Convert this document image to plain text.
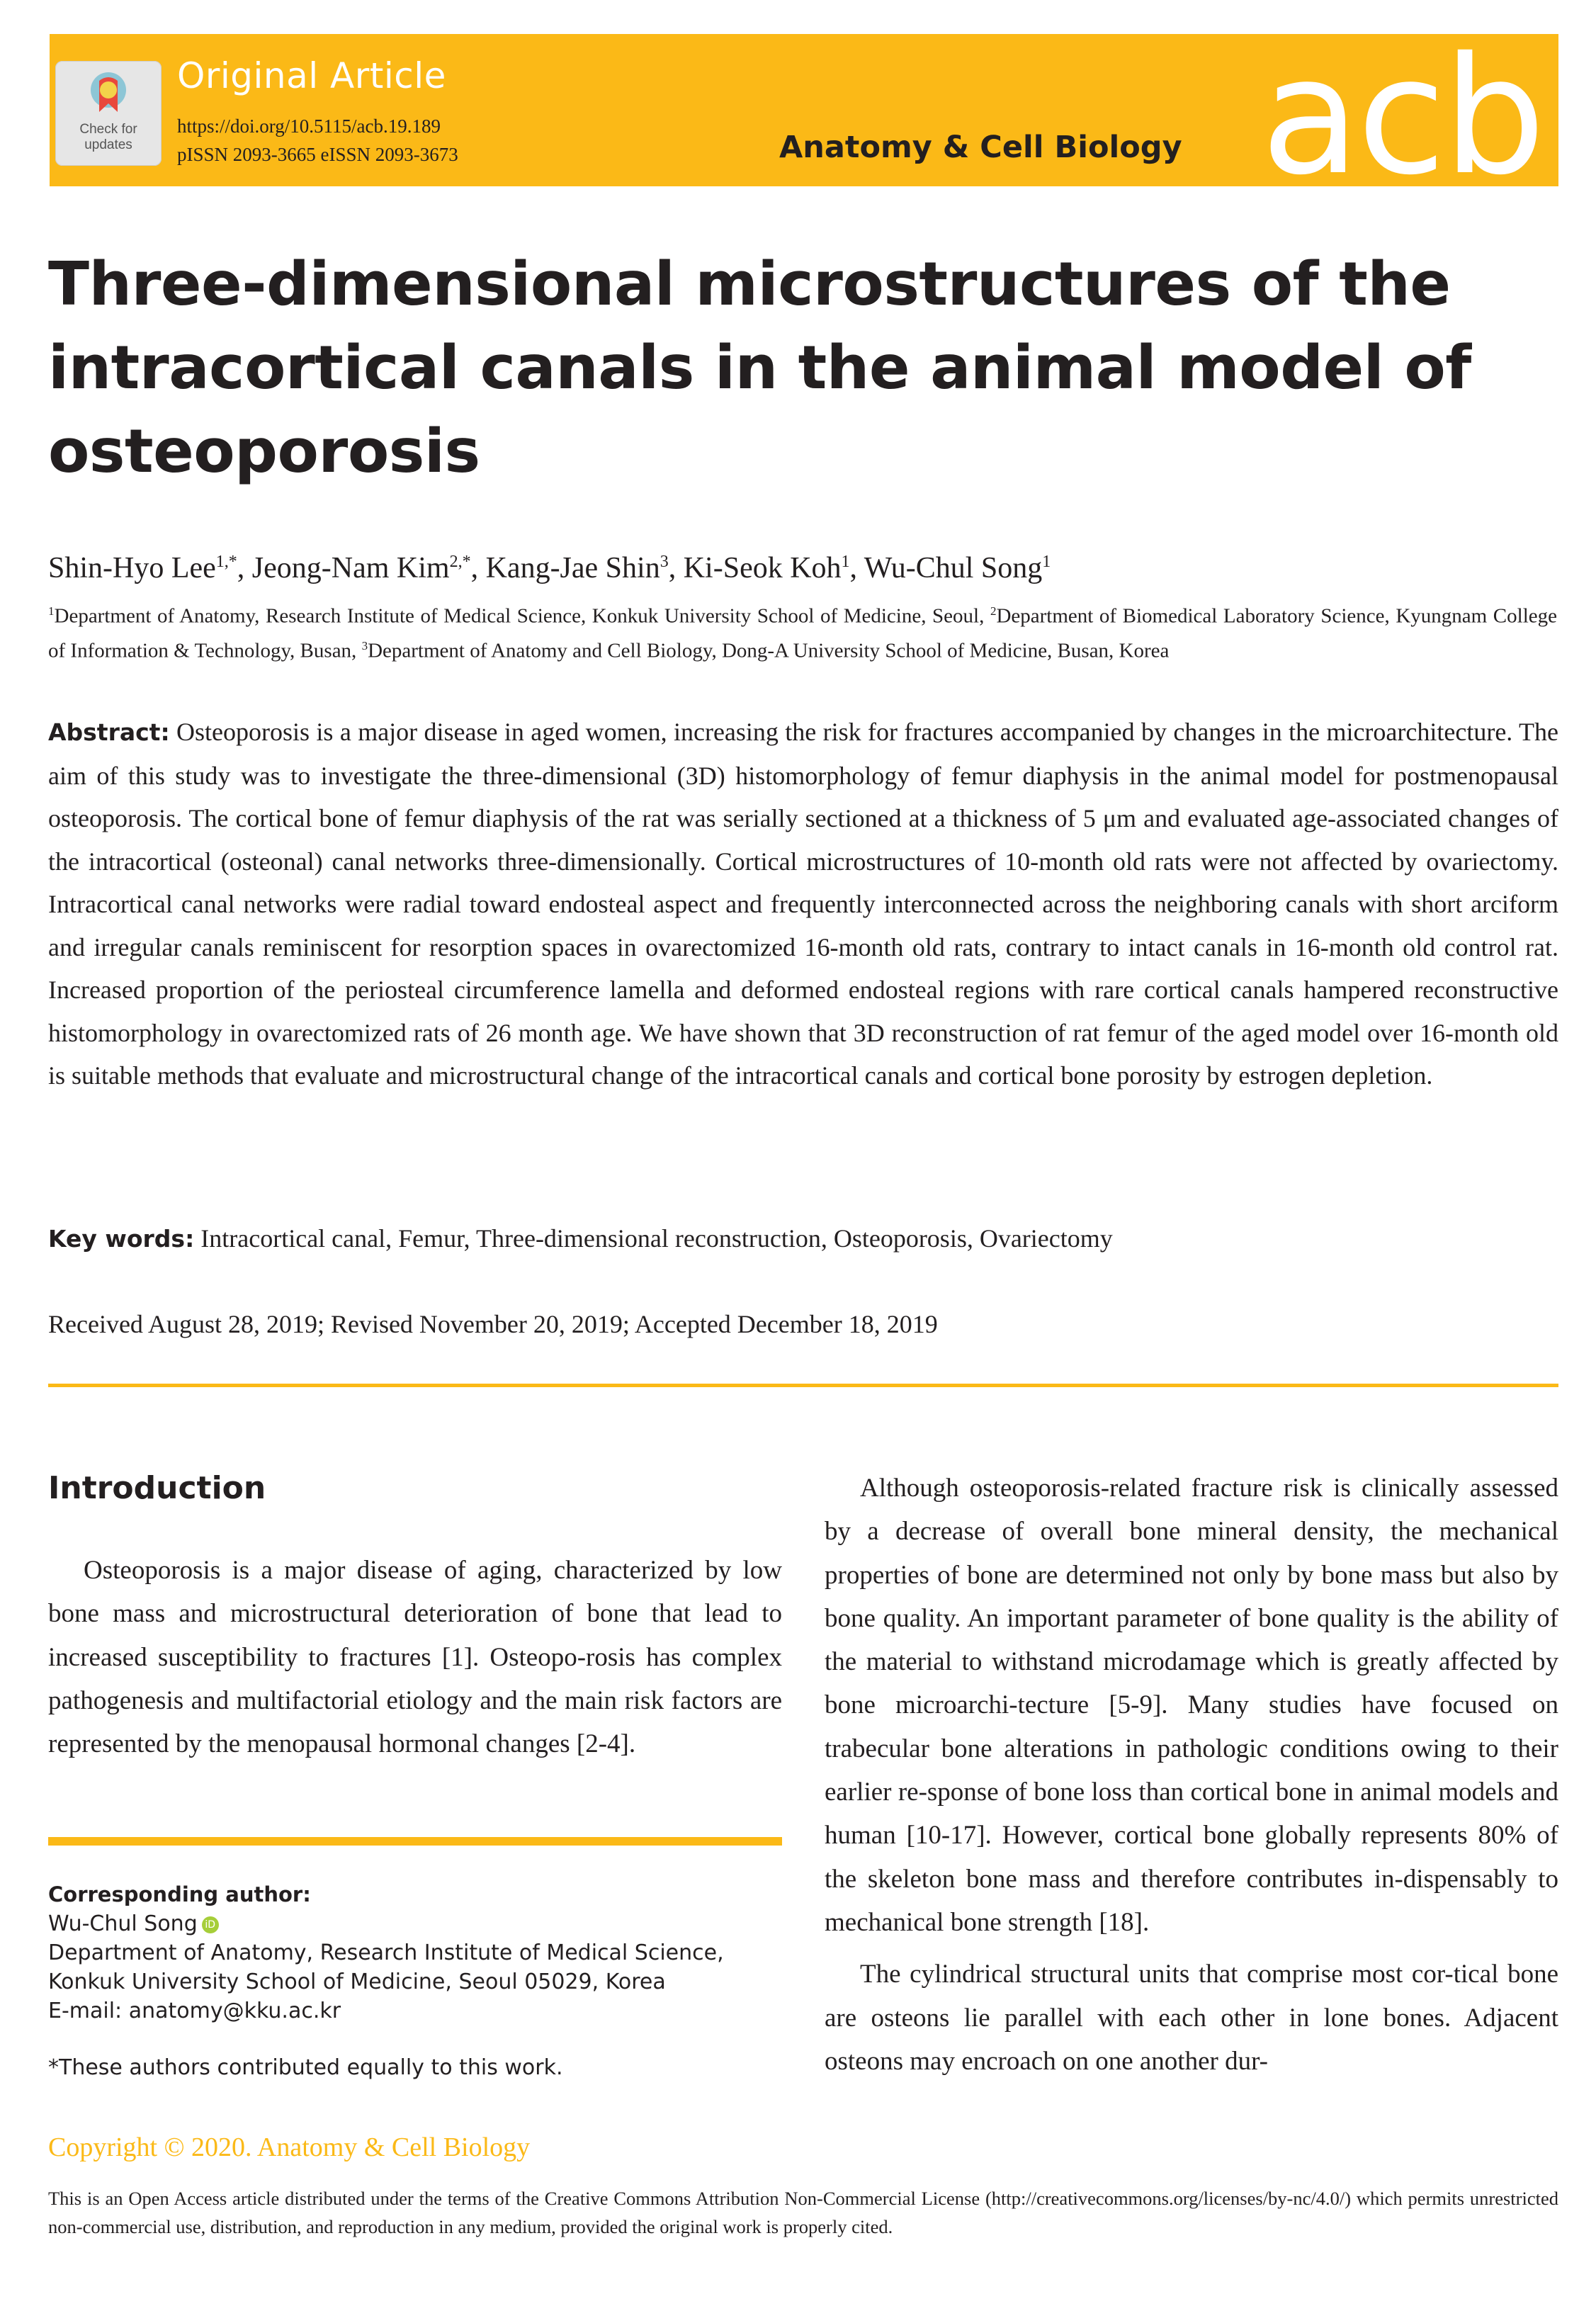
Check for
updates
Original Article
https://doi.org/10.5115/acb.19.189
pISSN 2093-3665 eISSN 2093-3673	Anatomy & Cell Biology acb
Three-dimensional microstructures of the intracortical canals in the animal model of osteoporosis
Shin-Hyo Lee$^{1,*}$, Jeong-Nam Kim$^{2,*}$, Kang-Jae Shin$^3$, Ki-Seok Koh$^1$, Wu-Chul Song$^1$
$^1$Department of Anatomy, Research Institute of Medical Science, Konkuk University School of Medicine, Seoul, $^2$Department of Biomedical Laboratory Science, Kyungnam College of Information & Technology, Busan, $^3$Department of Anatomy and Cell Biology, Dong-A University School of Medicine, Busan, Korea
Abstract: Osteoporosis is a major disease in aged women, increasing the risk for fractures accompanied by changes in the microarchitecture. The aim of this study was to investigate the three-dimensional (3D) histomorphology of femur diaphysis in the animal model for postmenopausal osteoporosis. The cortical bone of femur diaphysis of the rat was serially sectioned at a thickness of 5 μm and evaluated age-associated changes of the intracortical (osteonal) canal networks three-dimensionally. Cortical microstructures of 10-month old rats were not affected by ovariectomy. Intracortical canal networks were radial toward endosteal aspect and frequently interconnected across the neighboring canals with short arciform and irregular canals reminiscent for resorption spaces in ovarectomized 16-month old rats, contrary to intact canals in 16-month old control rat. Increased proportion of the periosteal circumference lamella and deformed endosteal regions with rare cortical canals hampered reconstructive histomorphology in ovarectomized rats of 26 month age. We have shown that 3D reconstruction of rat femur of the aged model over 16-month old is suitable methods that evaluate and microstructural change of the intracortical canals and cortical bone porosity by estrogen depletion.
Key words: Intracortical canal, Femur, Three-dimensional reconstruction, Osteoporosis, Ovariectomy
Received August 28, 2019; Revised November 20, 2019; Accepted December 18, 2019
Introduction

Osteoporosis is a major disease of aging, characterized by low bone mass and microstructural deterioration of bone that lead to increased susceptibility to fractures [1]. Osteopo-rosis has complex pathogenesis and multifactorial etiology and the main risk factors are represented by the menopausal hormonal changes [2-4].

Corresponding author:
Wu-Chul Song iD
Department of Anatomy, Research Institute of Medical Science, Konkuk University School of Medicine, Seoul 05029, Korea
E-mail: anatomy@kku.ac.kr
*These authors contributed equally to this work.

Although osteoporosis-related fracture risk is clinically assessed by a decrease of overall bone mineral density, the mechanical properties of bone are determined not only by bone mass but also by bone quality. An important parameter of bone quality is the ability of the material to withstand microdamage which is greatly affected by bone microarchi-tecture [5-9]. Many studies have focused on trabecular bone alterations in pathologic conditions owing to their earlier re-sponse of bone loss than cortical bone in animal models and human [10-17]. However, cortical bone globally represents 80% of the skeleton bone mass and therefore contributes in-dispensably to mechanical bone strength [18].

The cylindrical structural units that comprise most cor-tical bone are osteons lie parallel with each other in lone bones. Adjacent osteons may encroach on one another dur-

Copyright © 2020. Anatomy & Cell Biology
This is an Open Access article distributed under the terms of the Creative Commons Attribution Non-Commercial License (http://creativecommons.org/licenses/by-nc/4.0/) which permits unrestricted non-commercial use, distribution, and reproduction in any medium, provided the original work is properly cited.
